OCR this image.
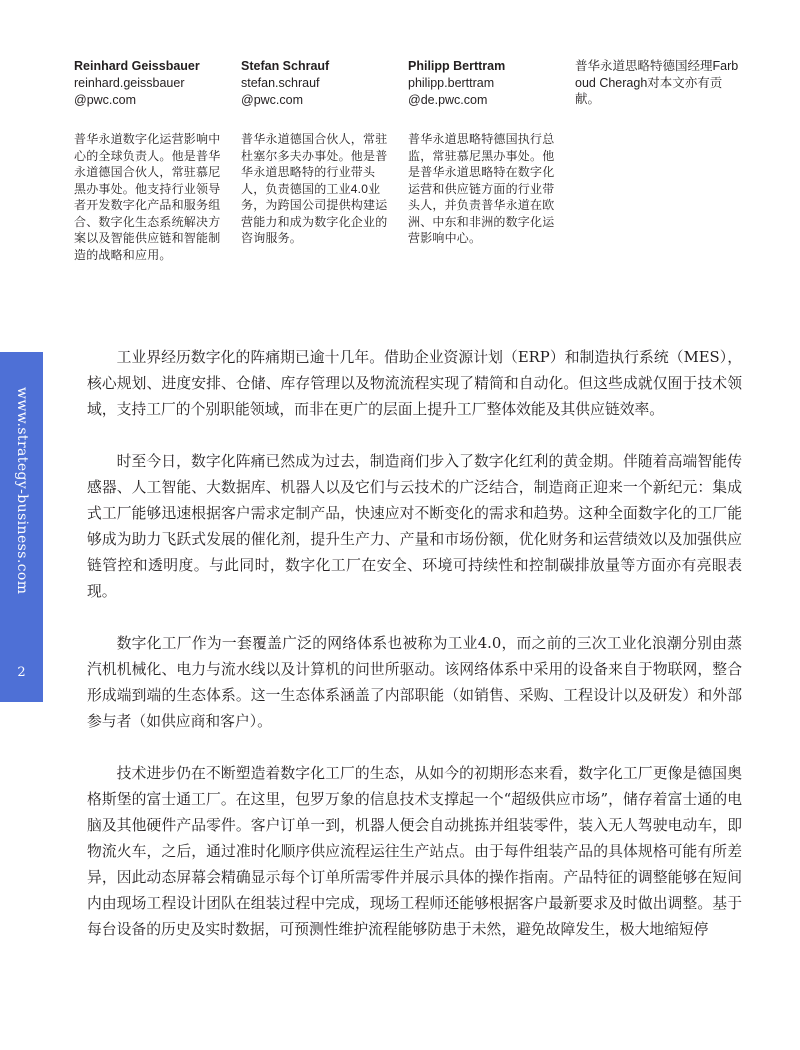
Reinhard Geissbauer
reinhard.geissbauer
@pwc.com
普华永道数字化运营影响中心的全球负责人。他是普华永道德国合伙人，常驻慕尼黑办事处。他支持行业领导者开发数字化产品和服务组合、数字化生态系统解决方案以及智能供应链和智能制造的战略和应用。
Stefan Schrauf
stefan.schrauf
@pwc.com
普华永道德国合伙人，常驻杜塞尔多夫办事处。他是普华永道思略特的行业带头人，负责德国的工业4.0业务，为跨国公司提供构建运营能力和成为数字化企业的咨询服务。
Philipp Berttram
philipp.berttram
@de.pwc.com
普华永道思略特德国执行总监，常驻慕尼黑办事处。他是普华永道思略特在数字化运营和供应链方面的行业带头人，并负责普华永道在欧洲、中东和非洲的数字化运营影响中心。
普华永道思略特德国经理Farboud Cheragh对本文亦有贡献。
www.strategy-business.com
2

工业界经历数字化的阵痛期已逾十几年。借助企业资源计划（ERP）和制造执行系统（MES），核心规划、进度安排、仓储、库存管理以及物流流程实现了精简和自动化。但这些成就仅囿于技术领域，支持工厂的个别职能领域，而非在更广的层面上提升工厂整体效能及其供应链效率。

时至今日，数字化阵痛已然成为过去，制造商们步入了数字化红利的黄金期。伴随着高端智能传感器、人工智能、大数据库、机器人以及它们与云技术的广泛结合，制造商正迎来一个新纪元：集成式工厂能够迅速根据客户需求定制产品，快速应对不断变化的需求和趋势。这种全面数字化的工厂能够成为助力飞跃式发展的催化剂，提升生产力、产量和市场份额，优化财务和运营绩效以及加强供应链管控和透明度。与此同时，数字化工厂在安全、环境可持续性和控制碳排放量等方面亦有亮眼表现。

数字化工厂作为一套覆盖广泛的网络体系也被称为工业4.0，而之前的三次工业化浪潮分别由蒸汽机机械化、电力与流水线以及计算机的问世所驱动。该网络体系中采用的设备来自于物联网，整合形成端到端的生态体系。这一生态体系涵盖了内部职能（如销售、采购、工程设计以及研发）和外部参与者（如供应商和客户）。

技术进步仍在不断塑造着数字化工厂的生态，从如今的初期形态来看，数字化工厂更像是德国奥格斯堡的富士通工厂。在这里，包罗万象的信息技术支撑起一个“超级供应市场”，储存着富士通的电脑及其他硬件产品零件。客户订单一到，机器人便会自动挑拣并组装零件，装入无人驾驶电动车，即物流火车，之后，通过准时化顺序供应流程运往生产站点。由于每件组装产品的具体规格可能有所差异，因此动态屏幕会精确显示每个订单所需零件并展示具体的操作指南。产品特征的调整能够在短间内由现场工程设计团队在组装过程中完成，现场工程师还能够根据客户最新要求及时做出调整。基于每台设备的历史及实时数据，可预测性维护流程能够防患于未然，避免故障发生，极大地缩短停
